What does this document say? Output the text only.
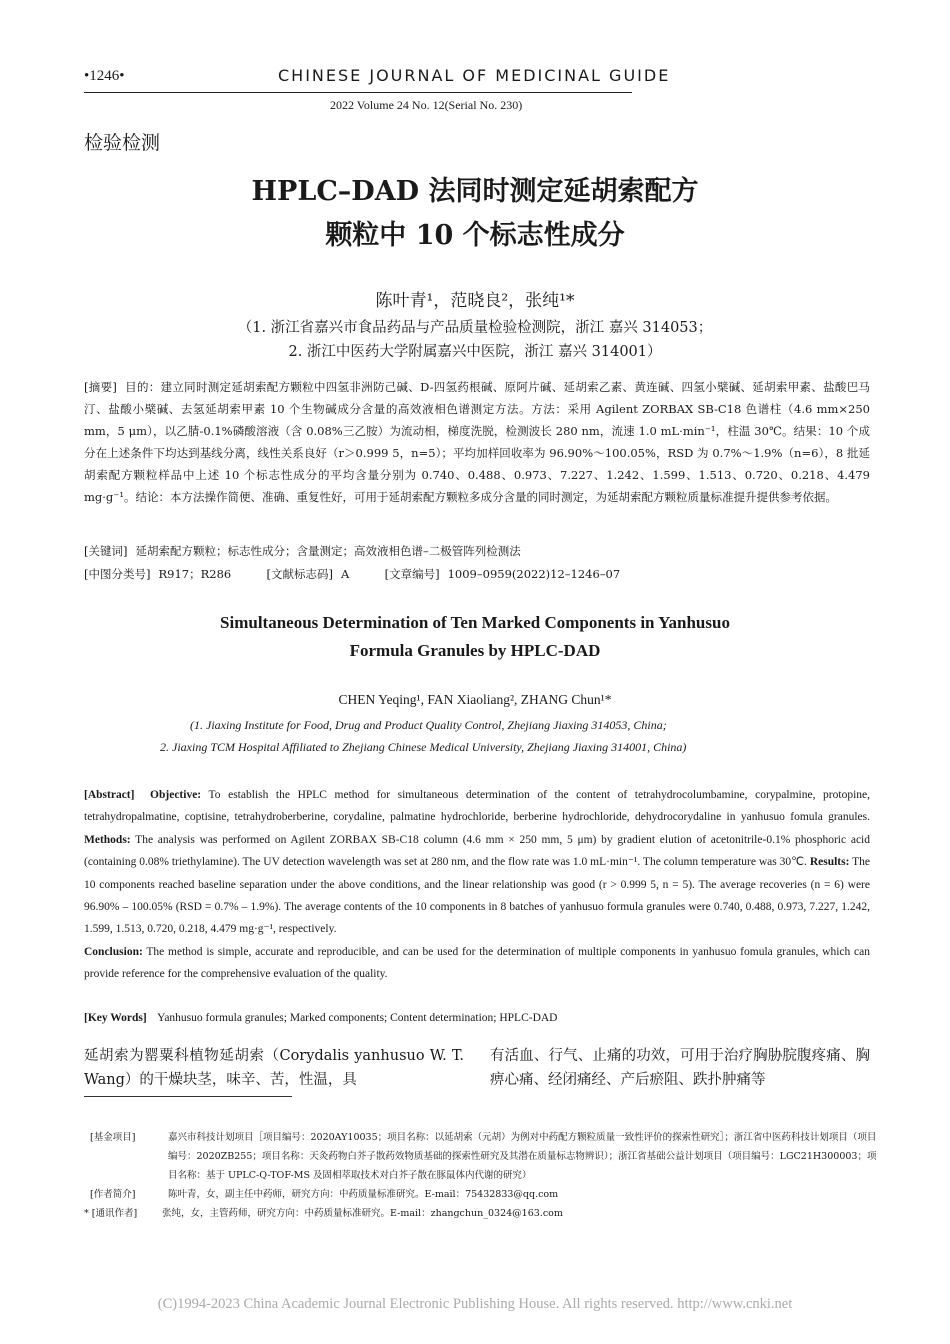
•1246•	CHINESE JOURNAL OF MEDICINAL GUIDE
2022 Volume 24 No. 12(Serial No. 230)
检验检测
HPLC–DAD 法同时测定延胡索配方
颗粒中 10 个标志性成分
陈叶青¹，范晓良²，张纯¹*
（1. 浙江省嘉兴市食品药品与产品质量检验检测院，浙江 嘉兴 314053；
2. 浙江中医药大学附属嘉兴中医院，浙江 嘉兴 314001）
[摘要] 目的：建立同时测定延胡索配方颗粒中四氢非洲防己碱、D-四氢药根碱、原阿片碱、延胡索乙素、黄连碱、四氢小檗碱、延胡索甲素、盐酸巴马汀、盐酸小檗碱、去氢延胡索甲素 10 个生物碱成分含量的高效液相色谱测定方法。方法：采用 Agilent ZORBAX SB-C18 色谱柱（4.6 mm×250 mm，5 μm），以乙腈-0.1%磷酸溶液（含 0.08%三乙胺）为流动相，梯度洗脱，检测波长 280 nm，流速 1.0 mL·min⁻¹，柱温 30℃。结果：10 个成分在上述条件下均达到基线分离，线性关系良好（r＞0.999 5，n=5）；平均加样回收率为 96.90%～100.05%，RSD 为 0.7%～1.9%（n=6），8 批延胡索配方颗粒样品中上述 10 个标志性成分的平均含量分别为 0.740、0.488、0.973、7.227、1.242、1.599、1.513、0.720、0.218、4.479 mg·g⁻¹。结论：本方法操作简便、准确、重复性好，可用于延胡索配方颗粒多成分含量的同时测定，为延胡索配方颗粒质量标准提升提供参考依据。
[关键词] 延胡索配方颗粒；标志性成分；含量测定；高效液相色谱–二极管阵列检测法
[中图分类号] R917；R286	[文献标志码] A	[文章编号] 1009–0959(2022)12–1246–07
Simultaneous Determination of Ten Marked Components in Yanhusuo
Formula Granules by HPLC-DAD
CHEN Yeqing¹, FAN Xiaoliang², ZHANG Chun¹*
(1. Jiaxing Institute for Food, Drug and Product Quality Control, Zhejiang Jiaxing 314053, China;
2. Jiaxing TCM Hospital Affiliated to Zhejiang Chinese Medical University, Zhejiang Jiaxing 314001, China)
[Abstract] Objective: To establish the HPLC method for simultaneous determination of the content of tetrahydrocolumbamine, corypalmine, protopine, tetrahydropalmatine, coptisine, tetrahydroberberine, corydaline, palmatine hydrochloride, berberine hydrochloride, dehydrocorydaline in yanhusuo fomula granules. Methods: The analysis was performed on Agilent ZORBAX SB-C18 column (4.6 mm × 250 mm, 5 μm) by gradient elution of acetonitrile-0.1% phosphoric acid (containing 0.08% triethylamine). The UV detection wavelength was set at 280 nm, and the flow rate was 1.0 mL·min⁻¹. The column temperature was 30℃. Results: The 10 components reached baseline separation under the above conditions, and the linear relationship was good (r > 0.999 5, n = 5). The average recoveries (n = 6) were 96.90% – 100.05% (RSD = 0.7% – 1.9%). The average contents of the 10 components in 8 batches of yanhusuo formula granules were 0.740, 0.488, 0.973, 7.227, 1.242, 1.599, 1.513, 0.720, 0.218, 4.479 mg·g⁻¹, respectively.
Conclusion: The method is simple, accurate and reproducible, and can be used for the determination of multiple components in yanhusuo fomula granules, which can provide reference for the comprehensive evaluation of the quality.
[Key Words] Yanhusuo formula granules; Marked components; Content determination; HPLC-DAD
延胡索为罂粟科植物延胡索（Corydalis yanhusuo W. T. Wang）的干燥块茎，味辛、苦，性温，具
有活血、行气、止痛的功效，可用于治疗胸胁脘腹疼痛、胸痹心痛、经闭痛经、产后瘀阻、跌扑肿痛等
[基金项目]	嘉兴市科技计划项目［项目编号：2020AY10035；项目名称：以延胡索（元胡）为例对中药配方颗粒质量一致性评价的探索性研究］；浙江省中医药科技计划项目（项目编号：2020ZB255；项目名称：天灸药物白芥子散药效物质基础的探索性研究及其潜在质量标志物辨识）；浙江省基础公益计划项目（项目编号：LGC21H300003；项目名称：基于 UPLC-Q-TOF-MS 及固相萃取技术对白芥子散在豚鼠体内代谢的研究）
[作者简介]	陈叶青，女，副主任中药师，研究方向：中药质量标准研究。E-mail：75432833@qq.com
* [通讯作者]	张纯，女，主管药师，研究方向：中药质量标准研究。E-mail：zhangchun_0324@163.com
(C)1994-2023 China Academic Journal Electronic Publishing House. All rights reserved. http://www.cnki.net
